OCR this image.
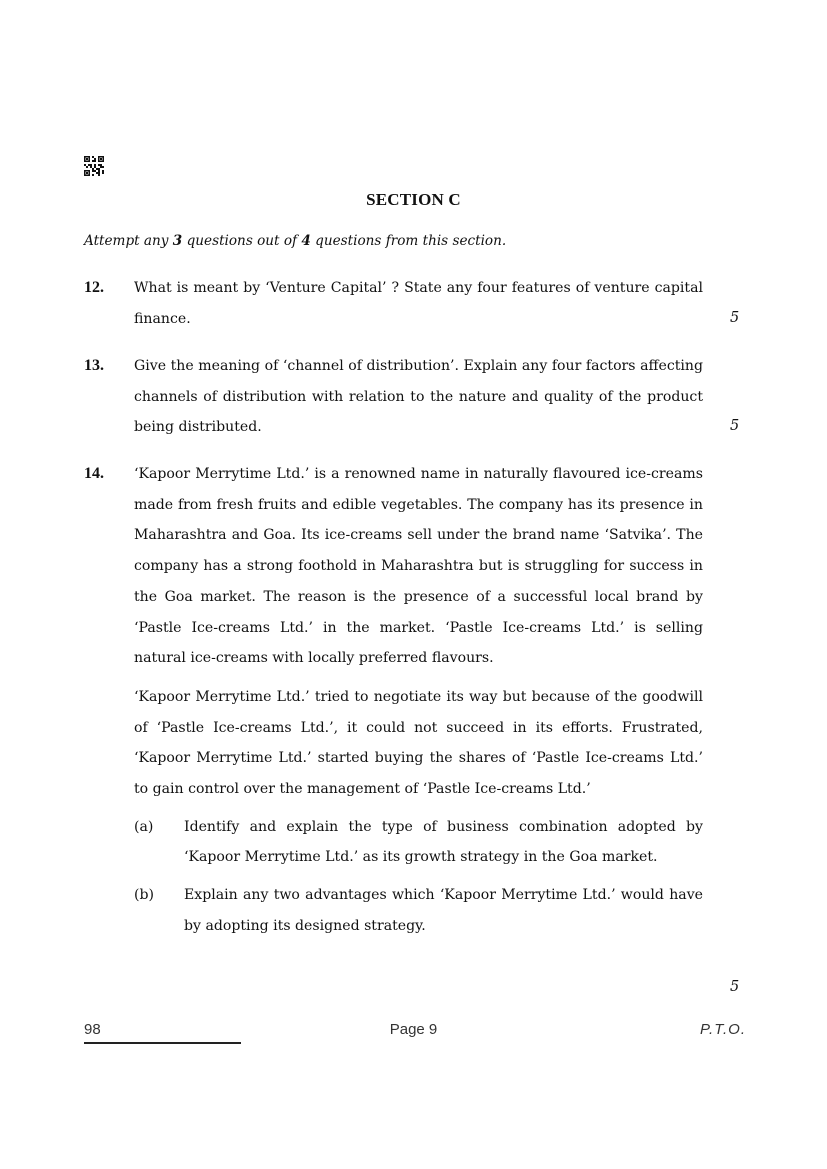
SECTION C
Attempt any 3 questions out of 4 questions from this section.
12. What is meant by ‘Venture Capital’ ? State any four features of venture capital finance.	5
13. Give the meaning of ‘channel of distribution’. Explain any four factors affecting channels of distribution with relation to the nature and quality of the product being distributed.	5
14. ‘Kapoor Merrytime Ltd.’ is a renowned name in naturally flavoured ice-creams made from fresh fruits and edible vegetables. The company has its presence in Maharashtra and Goa. Its ice-creams sell under the brand name ‘Satvika’. The company has a strong foothold in Maharashtra but is struggling for success in the Goa market. The reason is the presence of a successful local brand by ‘Pastle Ice-creams Ltd.’ in the market. ‘Pastle Ice-creams Ltd.’ is selling natural ice-creams with locally preferred flavours.

‘Kapoor Merrytime Ltd.’ tried to negotiate its way but because of the goodwill of ‘Pastle Ice-creams Ltd.’, it could not succeed in its efforts. Frustrated, ‘Kapoor Merrytime Ltd.’ started buying the shares of ‘Pastle Ice-creams Ltd.’ to gain control over the management of ‘Pastle Ice-creams Ltd.’

(a) Identify and explain the type of business combination adopted by ‘Kapoor Merrytime Ltd.’ as its growth strategy in the Goa market.

(b) Explain any two advantages which ‘Kapoor Merrytime Ltd.’ would have by adopting its designed strategy.

5
98	Page 9	P.T.O.
